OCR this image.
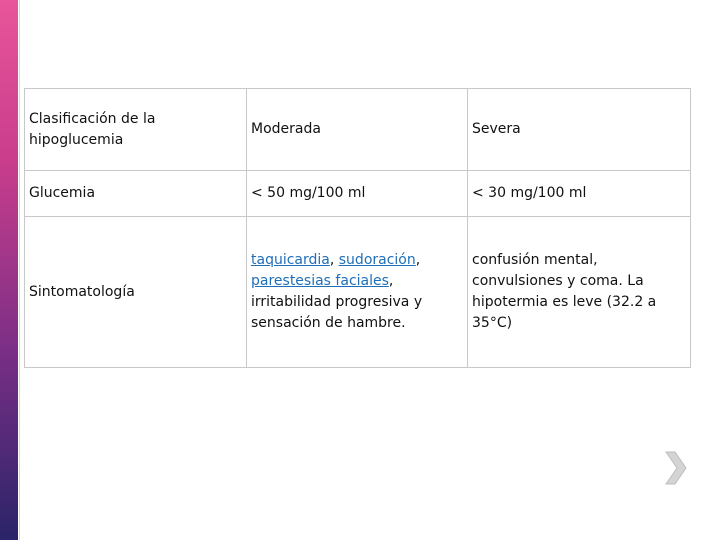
Clasificación de la hipoglucemia	Moderada	Severa
Glucemia	< 50 mg/100 ml	< 30 mg/100 ml
Sintomatología	taquicardia, sudoración, parestesias faciales, irritabilidad progresiva y sensación de hambre.	confusión mental, convulsiones y coma. La hipotermia es leve (32.2 a 35°C)
